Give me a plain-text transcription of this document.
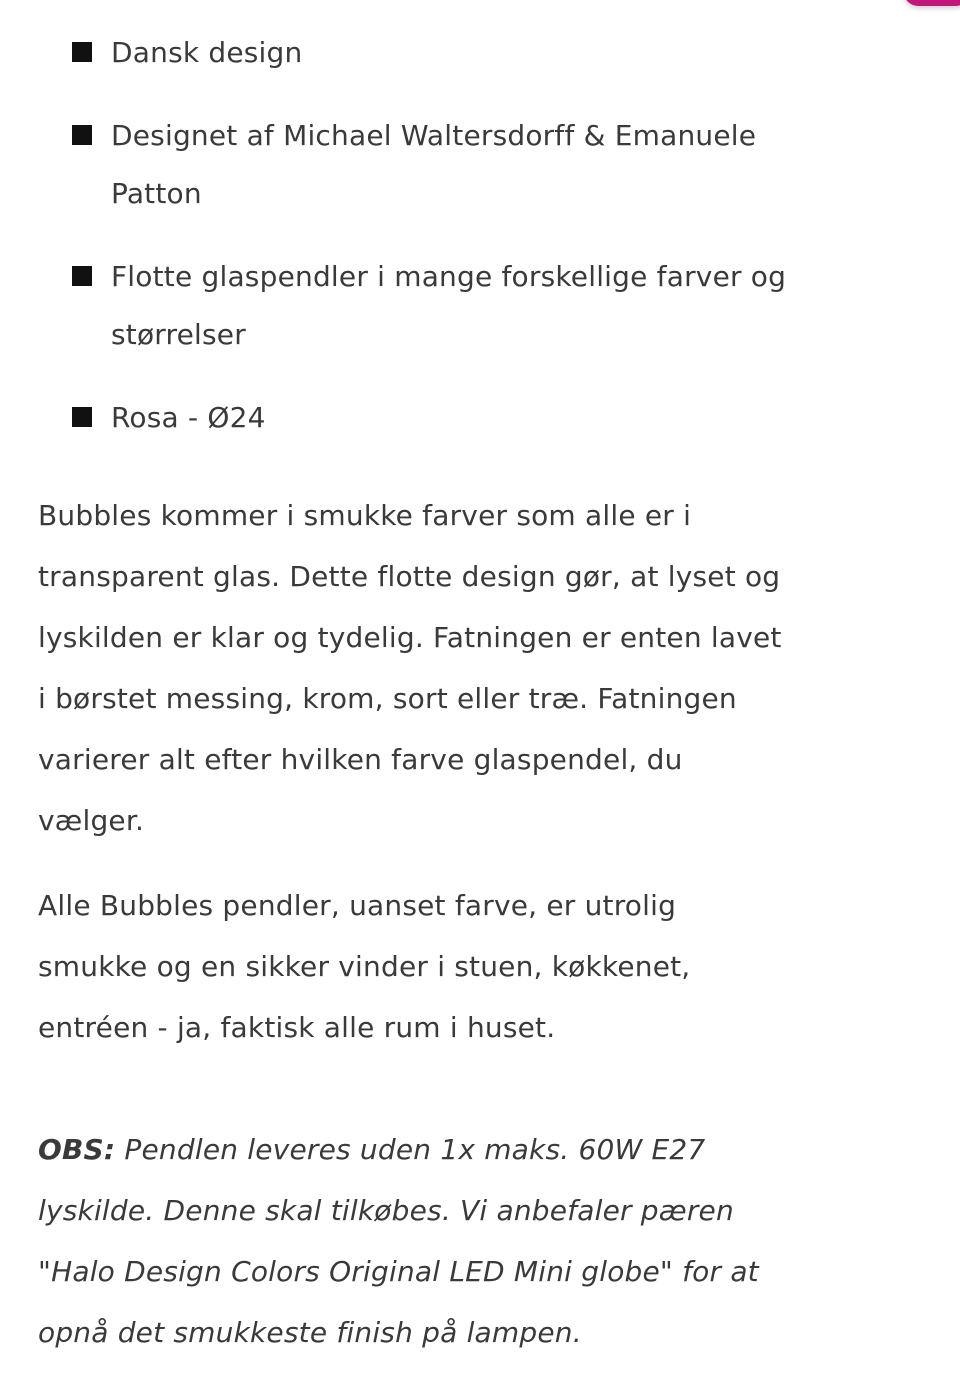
Dansk design
Designet af Michael Waltersdorff & Emanuele
Patton
Flotte glaspendler i mange forskellige farver og
størrelser
Rosa - Ø24
Bubbles kommer i smukke farver som alle er i
transparent glas. Dette flotte design gør, at lyset og
lyskilden er klar og tydelig. Fatningen er enten lavet
i børstet messing, krom, sort eller træ. Fatningen
varierer alt efter hvilken farve glaspendel, du
vælger.
Alle Bubbles pendler, uanset farve, er utrolig
smukke og en sikker vinder i stuen, køkkenet,
entréen - ja, faktisk alle rum i huset.
OBS: Pendlen leveres uden 1x maks. 60W E27
lyskilde. Denne skal tilkøbes. Vi anbefaler pæren
"Halo Design Colors Original LED Mini globe" for at
opnå det smukkeste finish på lampen.
